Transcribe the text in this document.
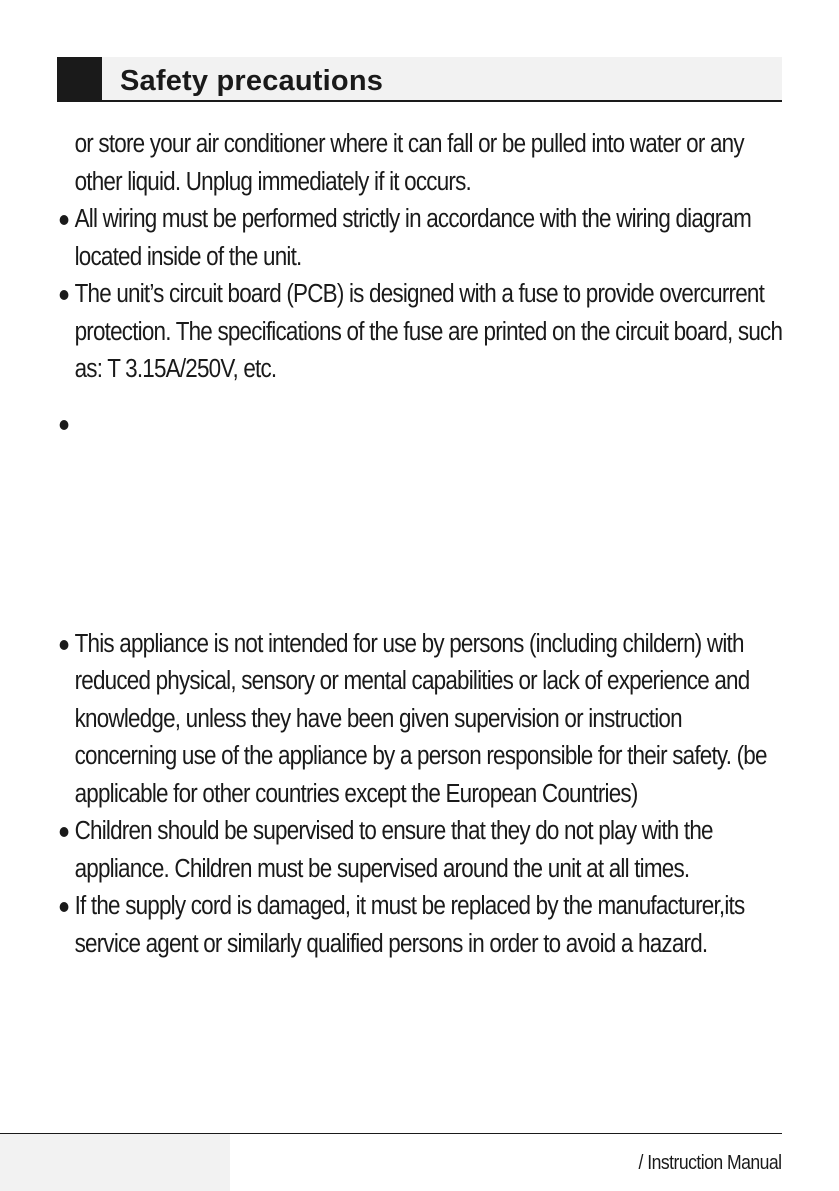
Safety precautions
or store your air conditioner where it can fall or be pulled into water or any other liquid. Unplug immediately if it occurs.
All wiring must be performed strictly in accordance with the wiring diagram located inside of the unit.
The unit’s circuit board (PCB) is designed with a fuse to provide overcurrent protection. The specifications of the fuse are printed on the circuit board, such as: T 3.15A/250V, etc.
This appliance is not intended for use by persons (including childern) with reduced physical, sensory or mental capabilities or lack of experience and knowledge, unless they have been given supervision or instruction concerning use of the appliance by a person responsible for their safety. (be applicable for other countries except the European Countries)
Children should be supervised to ensure that they do not play with the appliance. Children must be supervised around the unit at all times.
If the supply cord is damaged, it must be replaced by the manufacturer,its service agent or similarly qualified persons in order to avoid a hazard.
/ Instruction Manual
